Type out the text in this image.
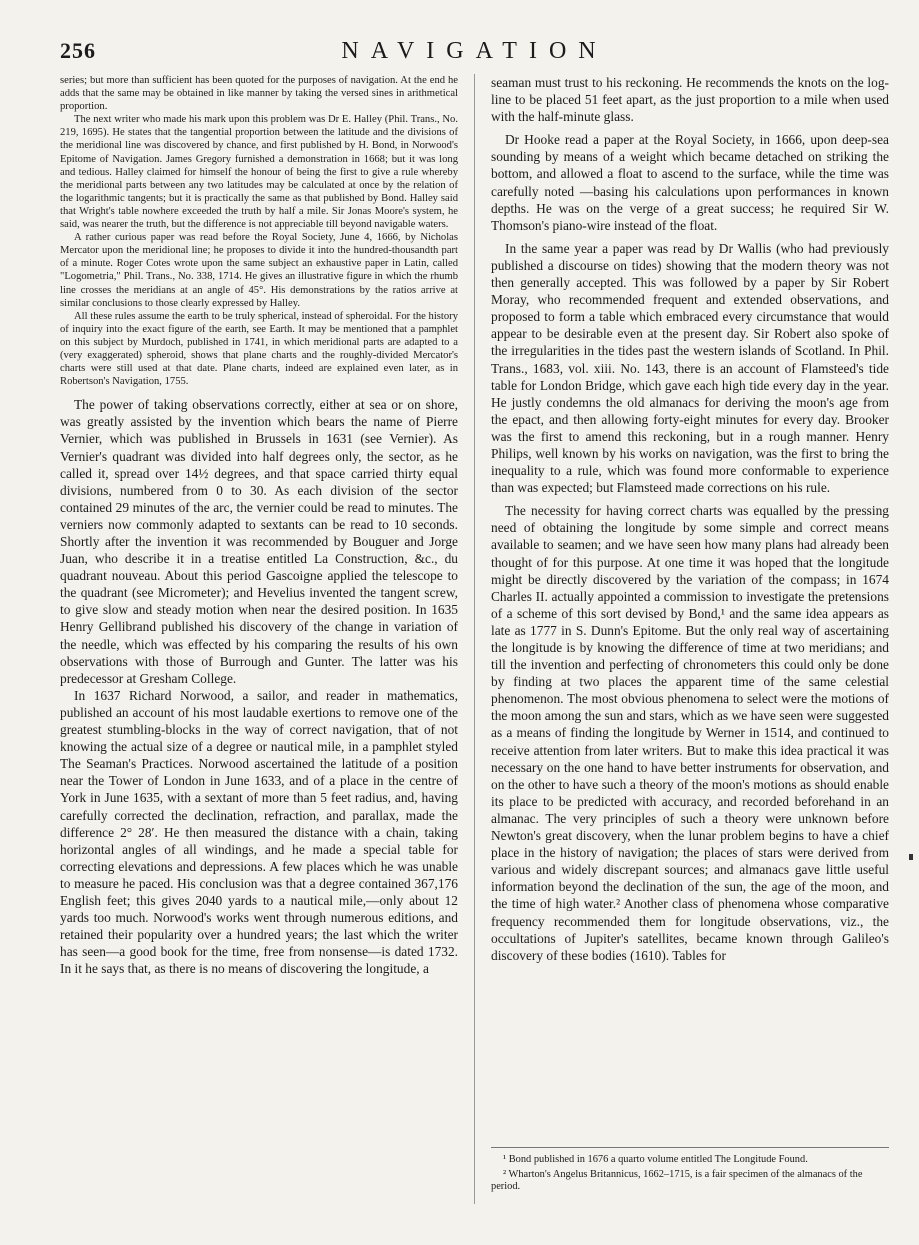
256	NAVIGATION

series; but more than sufficient has been quoted for the purposes of navigation. At the end he adds that the same may be obtained in like manner by taking the versed sines in arithmetical proportion.

The next writer who made his mark upon this problem was Dr E. Halley (Phil. Trans., No. 219, 1695). He states that the tangential proportion between the latitude and the divisions of the meridional line was discovered by chance, and first published by H. Bond, in Norwood's Epitome of Navigation. James Gregory furnished a demonstration in 1668; but it was long and tedious. Halley claimed for himself the honour of being the first to give a rule whereby the meridional parts between any two latitudes may be calculated at once by the relation of the logarithmic tangents; but it is practically the same as that published by Bond. Halley said that Wright's table nowhere exceeded the truth by half a mile. Sir Jonas Moore's system, he said, was nearer the truth, but the difference is not appreciable till beyond navigable waters.

A rather curious paper was read before the Royal Society, June 4, 1666, by Nicholas Mercator upon the meridional line; he proposes to divide it into the hundred-thousandth part of a minute. Roger Cotes wrote upon the same subject an exhaustive paper in Latin, called "Logometria," Phil. Trans., No. 338, 1714. He gives an illustrative figure in which the rhumb line crosses the meridians at an angle of 45°. His demonstrations by the ratios arrive at similar conclusions to those clearly expressed by Halley.

All these rules assume the earth to be truly spherical, instead of spheroidal. For the history of inquiry into the exact figure of the earth, see Earth. It may be mentioned that a pamphlet on this subject by Murdoch, published in 1741, in which meridional parts are adapted to a (very exaggerated) spheroid, shows that plane charts and the roughly-divided Mercator's charts were still used at that date. Plane charts, indeed are explained even later, as in Robertson's Navigation, 1755.

The power of taking observations correctly, either at sea or on shore, was greatly assisted by the invention which bears the name of Pierre Vernier, which was published in Brussels in 1631 (see Vernier). As Vernier's quadrant was divided into half degrees only, the sector, as he called it, spread over 14½ degrees, and that space carried thirty equal divisions, numbered from 0 to 30. As each division of the sector contained 29 minutes of the arc, the vernier could be read to minutes. The verniers now commonly adapted to sextants can be read to 10 seconds. Shortly after the invention it was recommended by Bouguer and Jorge Juan, who describe it in a treatise entitled La Construction, &c., du quadrant nouveau. About this period Gascoigne applied the telescope to the quadrant (see Micrometer); and Hevelius invented the tangent screw, to give slow and steady motion when near the desired position. In 1635 Henry Gellibrand published his discovery of the change in variation of the needle, which was effected by his comparing the results of his own observations with those of Burrough and Gunter. The latter was his predecessor at Gresham College.

In 1637 Richard Norwood, a sailor, and reader in mathematics, published an account of his most laudable exertions to remove one of the greatest stumbling-blocks in the way of correct navigation, that of not knowing the actual size of a degree or nautical mile, in a pamphlet styled The Seaman's Practices. Norwood ascertained the latitude of a position near the Tower of London in June 1633, and of a place in the centre of York in June 1635, with a sextant of more than 5 feet radius, and, having carefully corrected the declination, refraction, and parallax, made the difference 2° 28′. He then measured the distance with a chain, taking horizontal angles of all windings, and he made a special table for correcting elevations and depressions. A few places which he was unable to measure he paced. His conclusion was that a degree contained 367,176 English feet; this gives 2040 yards to a nautical mile,—only about 12 yards too much. Norwood's works went through numerous editions, and retained their popularity over a hundred years; the last which the writer has seen—a good book for the time, free from nonsense—is dated 1732. In it he says that, as there is no means of discovering the longitude, a

seaman must trust to his reckoning. He recommends the knots on the log-line to be placed 51 feet apart, as the just proportion to a mile when used with the half-minute glass.

Dr Hooke read a paper at the Royal Society, in 1666, upon deep-sea sounding by means of a weight which became detached on striking the bottom, and allowed a float to ascend to the surface, while the time was carefully noted —basing his calculations upon performances in known depths. He was on the verge of a great success; he required Sir W. Thomson's piano-wire instead of the float.

In the same year a paper was read by Dr Wallis (who had previously published a discourse on tides) showing that the modern theory was not then generally accepted. This was followed by a paper by Sir Robert Moray, who recommended frequent and extended observations, and proposed to form a table which embraced every circumstance that would appear to be desirable even at the present day. Sir Robert also spoke of the irregularities in the tides past the western islands of Scotland. In Phil. Trans., 1683, vol. xiii. No. 143, there is an account of Flamsteed's tide table for London Bridge, which gave each high tide every day in the year. He justly condemns the old almanacs for deriving the moon's age from the epact, and then allowing forty-eight minutes for every day. Brooker was the first to amend this reckoning, but in a rough manner. Henry Philips, well known by his works on navigation, was the first to bring the inequality to a rule, which was found more conformable to experience than was expected; but Flamsteed made corrections on his rule.

The necessity for having correct charts was equalled by the pressing need of obtaining the longitude by some simple and correct means available to seamen; and we have seen how many plans had already been thought of for this purpose. At one time it was hoped that the longitude might be directly discovered by the variation of the compass; in 1674 Charles II. actually appointed a commission to investigate the pretensions of a scheme of this sort devised by Bond,¹ and the same idea appears as late as 1777 in S. Dunn's Epitome. But the only real way of ascertaining the longitude is by knowing the difference of time at two meridians; and till the invention and perfecting of chronometers this could only be done by finding at two places the apparent time of the same celestial phenomenon. The most obvious phenomena to select were the motions of the moon among the sun and stars, which as we have seen were suggested as a means of finding the longitude by Werner in 1514, and continued to receive attention from later writers. But to make this idea practical it was necessary on the one hand to have better instruments for observation, and on the other to have such a theory of the moon's motions as should enable its place to be predicted with accuracy, and recorded beforehand in an almanac. The very principles of such a theory were unknown before Newton's great discovery, when the lunar problem begins to have a chief place in the history of navigation; the places of stars were derived from various and widely discrepant sources; and almanacs gave little useful information beyond the declination of the sun, the age of the moon, and the time of high water.² Another class of phenomena whose comparative frequency recommended them for longitude observations, viz., the occultations of Jupiter's satellites, became known through Galileo's discovery of these bodies (1610). Tables for

¹ Bond published in 1676 a quarto volume entitled The Longitude Found.

² Wharton's Angelus Britannicus, 1662–1715, is a fair specimen of the almanacs of the period.
